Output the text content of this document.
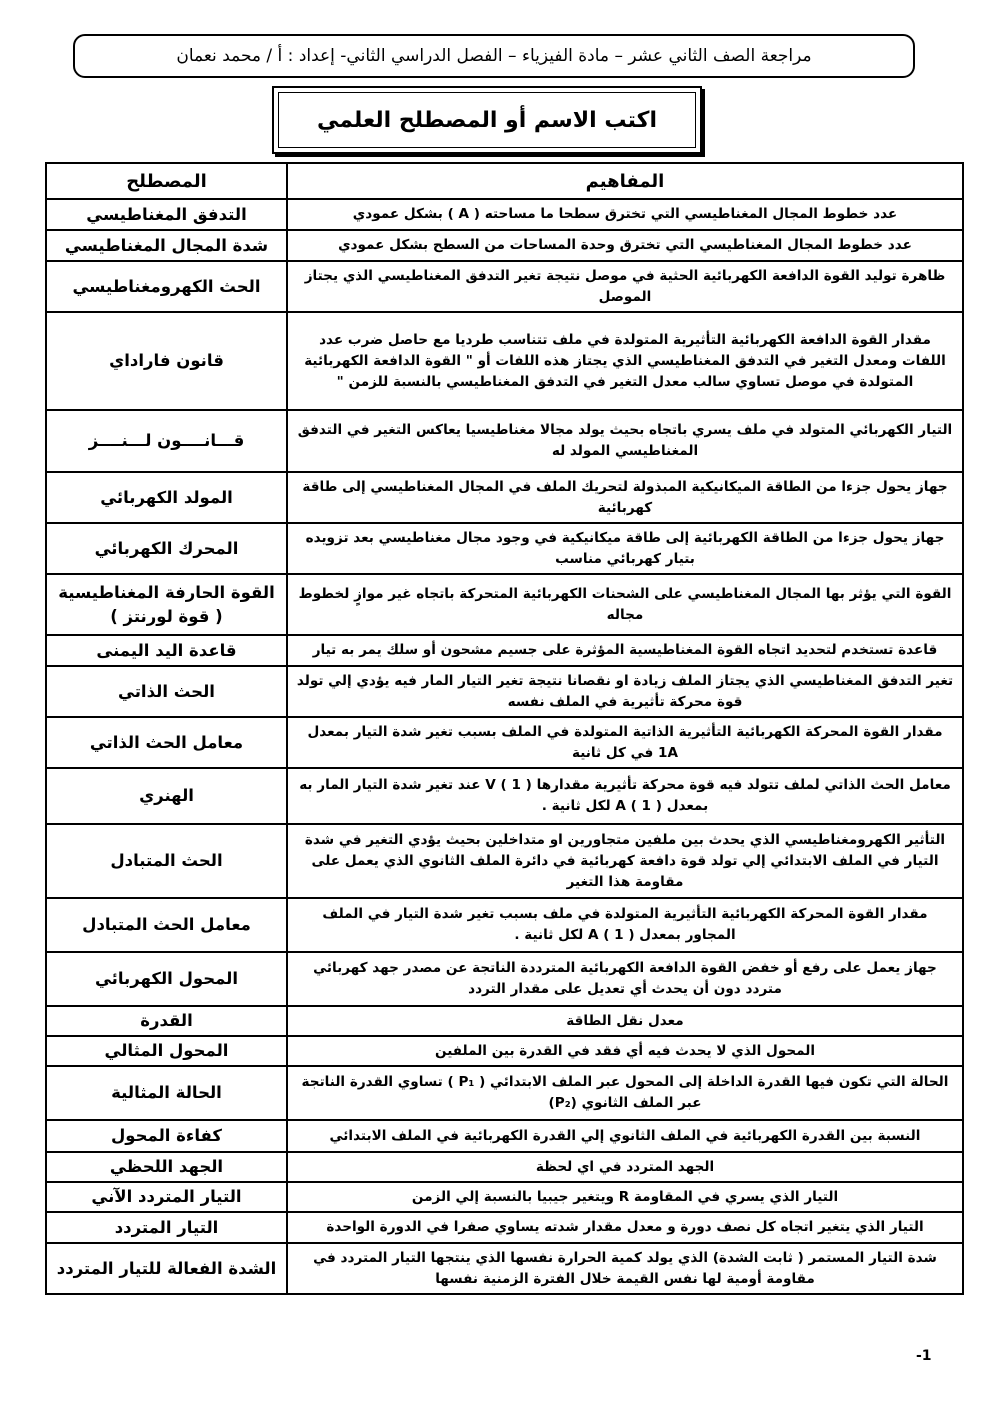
مراجعة الصف الثاني عشر – مادة الفيزياء – الفصل الدراسي الثاني- إعداد : أ / محمد نعمان
اكتب الاسم أو المصطلح العلمي
المفاهيم	المصطلح
عدد خطوط المجال المغناطيسي التي تخترق سطحا ما مساحته ( A ) بشكل عمودي	التدفق المغناطيسي
عدد خطوط المجال المغناطيسي التي تخترق وحدة المساحات من السطح بشكل عمودي	شدة المجال المغناطيسي
ظاهرة توليد القوة الدافعة الكهربائية الحثية في موصل نتيجة تغير التدفق المغناطيسي الذي يجتاز الموصل	الحث الكهرومغناطيسي
مقدار القوة الدافعة الكهربائية التأثيرية المتولدة في ملف تتناسب طرديا مع حاصل ضرب عدد اللفات ومعدل التغير في التدفق المغناطيسي الذي يجتاز هذه اللفات أو " القوة الدافعة الكهربائية المتولدة في موصل تساوي سالب معدل التغير في التدفق المغناطيسي بالنسبة للزمن "	قانون فاراداي
التيار الكهربائي المتولد في ملف يسري باتجاه بحيث يولد مجالا مغناطيسيا يعاكس التغير في التدفق المغناطيسي المولد له	قـــانــــون لـــنــــز
جهاز يحول جزءا من الطاقة الميكانيكية المبذولة لتحريك الملف في المجال المغناطيسي إلى طاقة كهربائية	المولد الكهربائي
جهاز يحول جزءا من الطاقة الكهربائية إلى طاقة ميكانيكية في وجود مجال مغناطيسي بعد تزويده بتيار كهربائي مناسب	المحرك الكهربائي
القوة التي يؤثر بها المجال المغناطيسي على الشحنات الكهربائية المتحركة باتجاه غير موازٍ لخطوط مجاله	القوة الحارفة المغناطيسية ( قوة لورنتز )
قاعدة تستخدم لتحديد اتجاه القوة المغناطيسية المؤثرة على جسيم مشحون أو سلك يمر به تيار	قاعدة اليد اليمنى
تغير التدفق المغناطيسي الذي يجتاز الملف زيادة او نقصانا نتيجة تغير التيار المار فيه يؤدي إلي تولد قوة محركة تأثيرية في الملف نفسه	الحث الذاتي
مقدار القوة المحركة الكهربائية التأثيرية الذاتية المتولدة في الملف بسبب تغير شدة التيار بمعدل 1A في كل ثانية	معامل الحث الذاتي
معامل الحث الذاتي لملف تتولد فيه قوة محركة تأثيرية مقدارها V ( 1 ) عند تغير شدة التيار المار به بمعدل A ( 1 ) لكل ثانية .	الهنري
التأثير الكهرومغناطيسي الذي يحدث بين ملفين متجاورين او متداخلين بحيث يؤدي التغير في شدة التيار في الملف الابتدائي إلي تولد قوة دافعة كهربائية في دائرة الملف الثانوي الذي يعمل على مقاومة هذا التغير	الحث المتبادل
مقدار القوة المحركة الكهربائية التأثيرية المتولدة في ملف بسبب تغير شدة التيار في الملف المجاور بمعدل A ( 1 ) لكل ثانية .	معامل الحث المتبادل
جهاز يعمل على رفع أو خفض القوة الدافعة الكهربائية المترددة الناتجة عن مصدر جهد كهربائي متردد دون أن يحدث أي تعديل على مقدار التردد	المحول الكهربائي
معدل نقل الطاقة	القدرة
المحول الذي لا يحدث فيه أي فقد في القدرة بين الملفين	المحول المثالي
الحالة التي تكون فيها القدرة الداخلة إلى المحول عبر الملف الابتدائي ( P₁ ) تساوي القدرة الناتجة عبر الملف الثانوي (P₂)	الحالة المثالية
النسبة بين القدرة الكهربائية في الملف الثانوي إلي القدرة الكهربائية في الملف الابتدائي	كفاءة المحول
الجهد المتردد في اي لحظة	الجهد اللحظي
التيار الذي يسري في المقاومة R ويتغير جيبيا بالنسبة إلي الزمن	التيار المتردد الآني
التيار الذي يتغير اتجاه كل نصف دورة و معدل مقدار شدته يساوي صفرا في الدورة الواحدة	التيار المتردد
شدة التيار المستمر ( ثابت الشدة) الذي يولد كمية الحرارة نفسها الذي ينتجها التيار المتردد في مقاومة أومية لها نفس القيمة خلال الفترة الزمنية نفسها	الشدة الفعالة للتيار المتردد
-1
